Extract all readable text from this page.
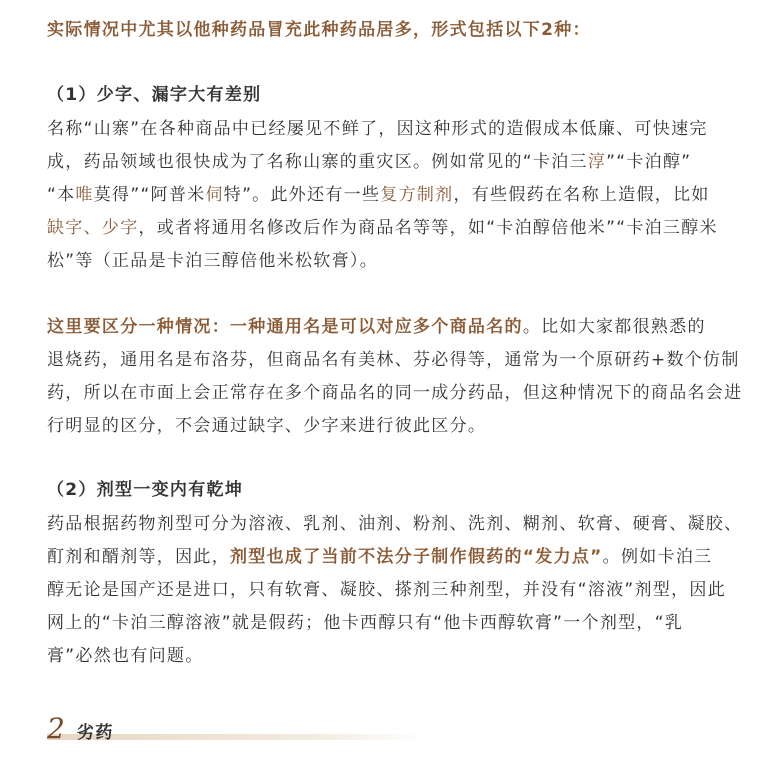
实际情况中尤其以他种药品冒充此种药品居多，形式包括以下2种：
（1）少字、漏字大有差别
名称“山寨”在各种商品中已经屡见不鲜了，因这种形式的造假成本低廉、可快速完
成，药品领域也很快成为了名称山寨的重灾区。例如常见的“卡泊三淳”“卡泊醇”
“本唯莫得”“阿普米伺特”。此外还有一些复方制剂，有些假药在名称上造假，比如
缺字、少字，或者将通用名修改后作为商品名等等，如“卡泊醇倍他米”“卡泊三醇米
松”等（正品是卡泊三醇倍他米松软膏）。
这里要区分一种情况：一种通用名是可以对应多个商品名的。比如大家都很熟悉的
退烧药，通用名是布洛芬，但商品名有美林、芬必得等，通常为一个原研药+数个仿制
药，所以在市面上会正常存在多个商品名的同一成分药品，但这种情况下的商品名会进
行明显的区分，不会通过缺字、少字来进行彼此区分。
（2）剂型一变内有乾坤
药品根据药物剂型可分为溶液、乳剂、油剂、粉剂、洗剂、糊剂、软膏、硬膏、凝胶、
酊剂和醑剂等，因此，剂型也成了当前不法分子制作假药的“发力点”。例如卡泊三
醇无论是国产还是进口，只有软膏、凝胶、搽剂三种剂型，并没有“溶液”剂型，因此
网上的“卡泊三醇溶液”就是假药；他卡西醇只有“他卡西醇软膏”一个剂型，“乳
膏”必然也有问题。
2 劣药
